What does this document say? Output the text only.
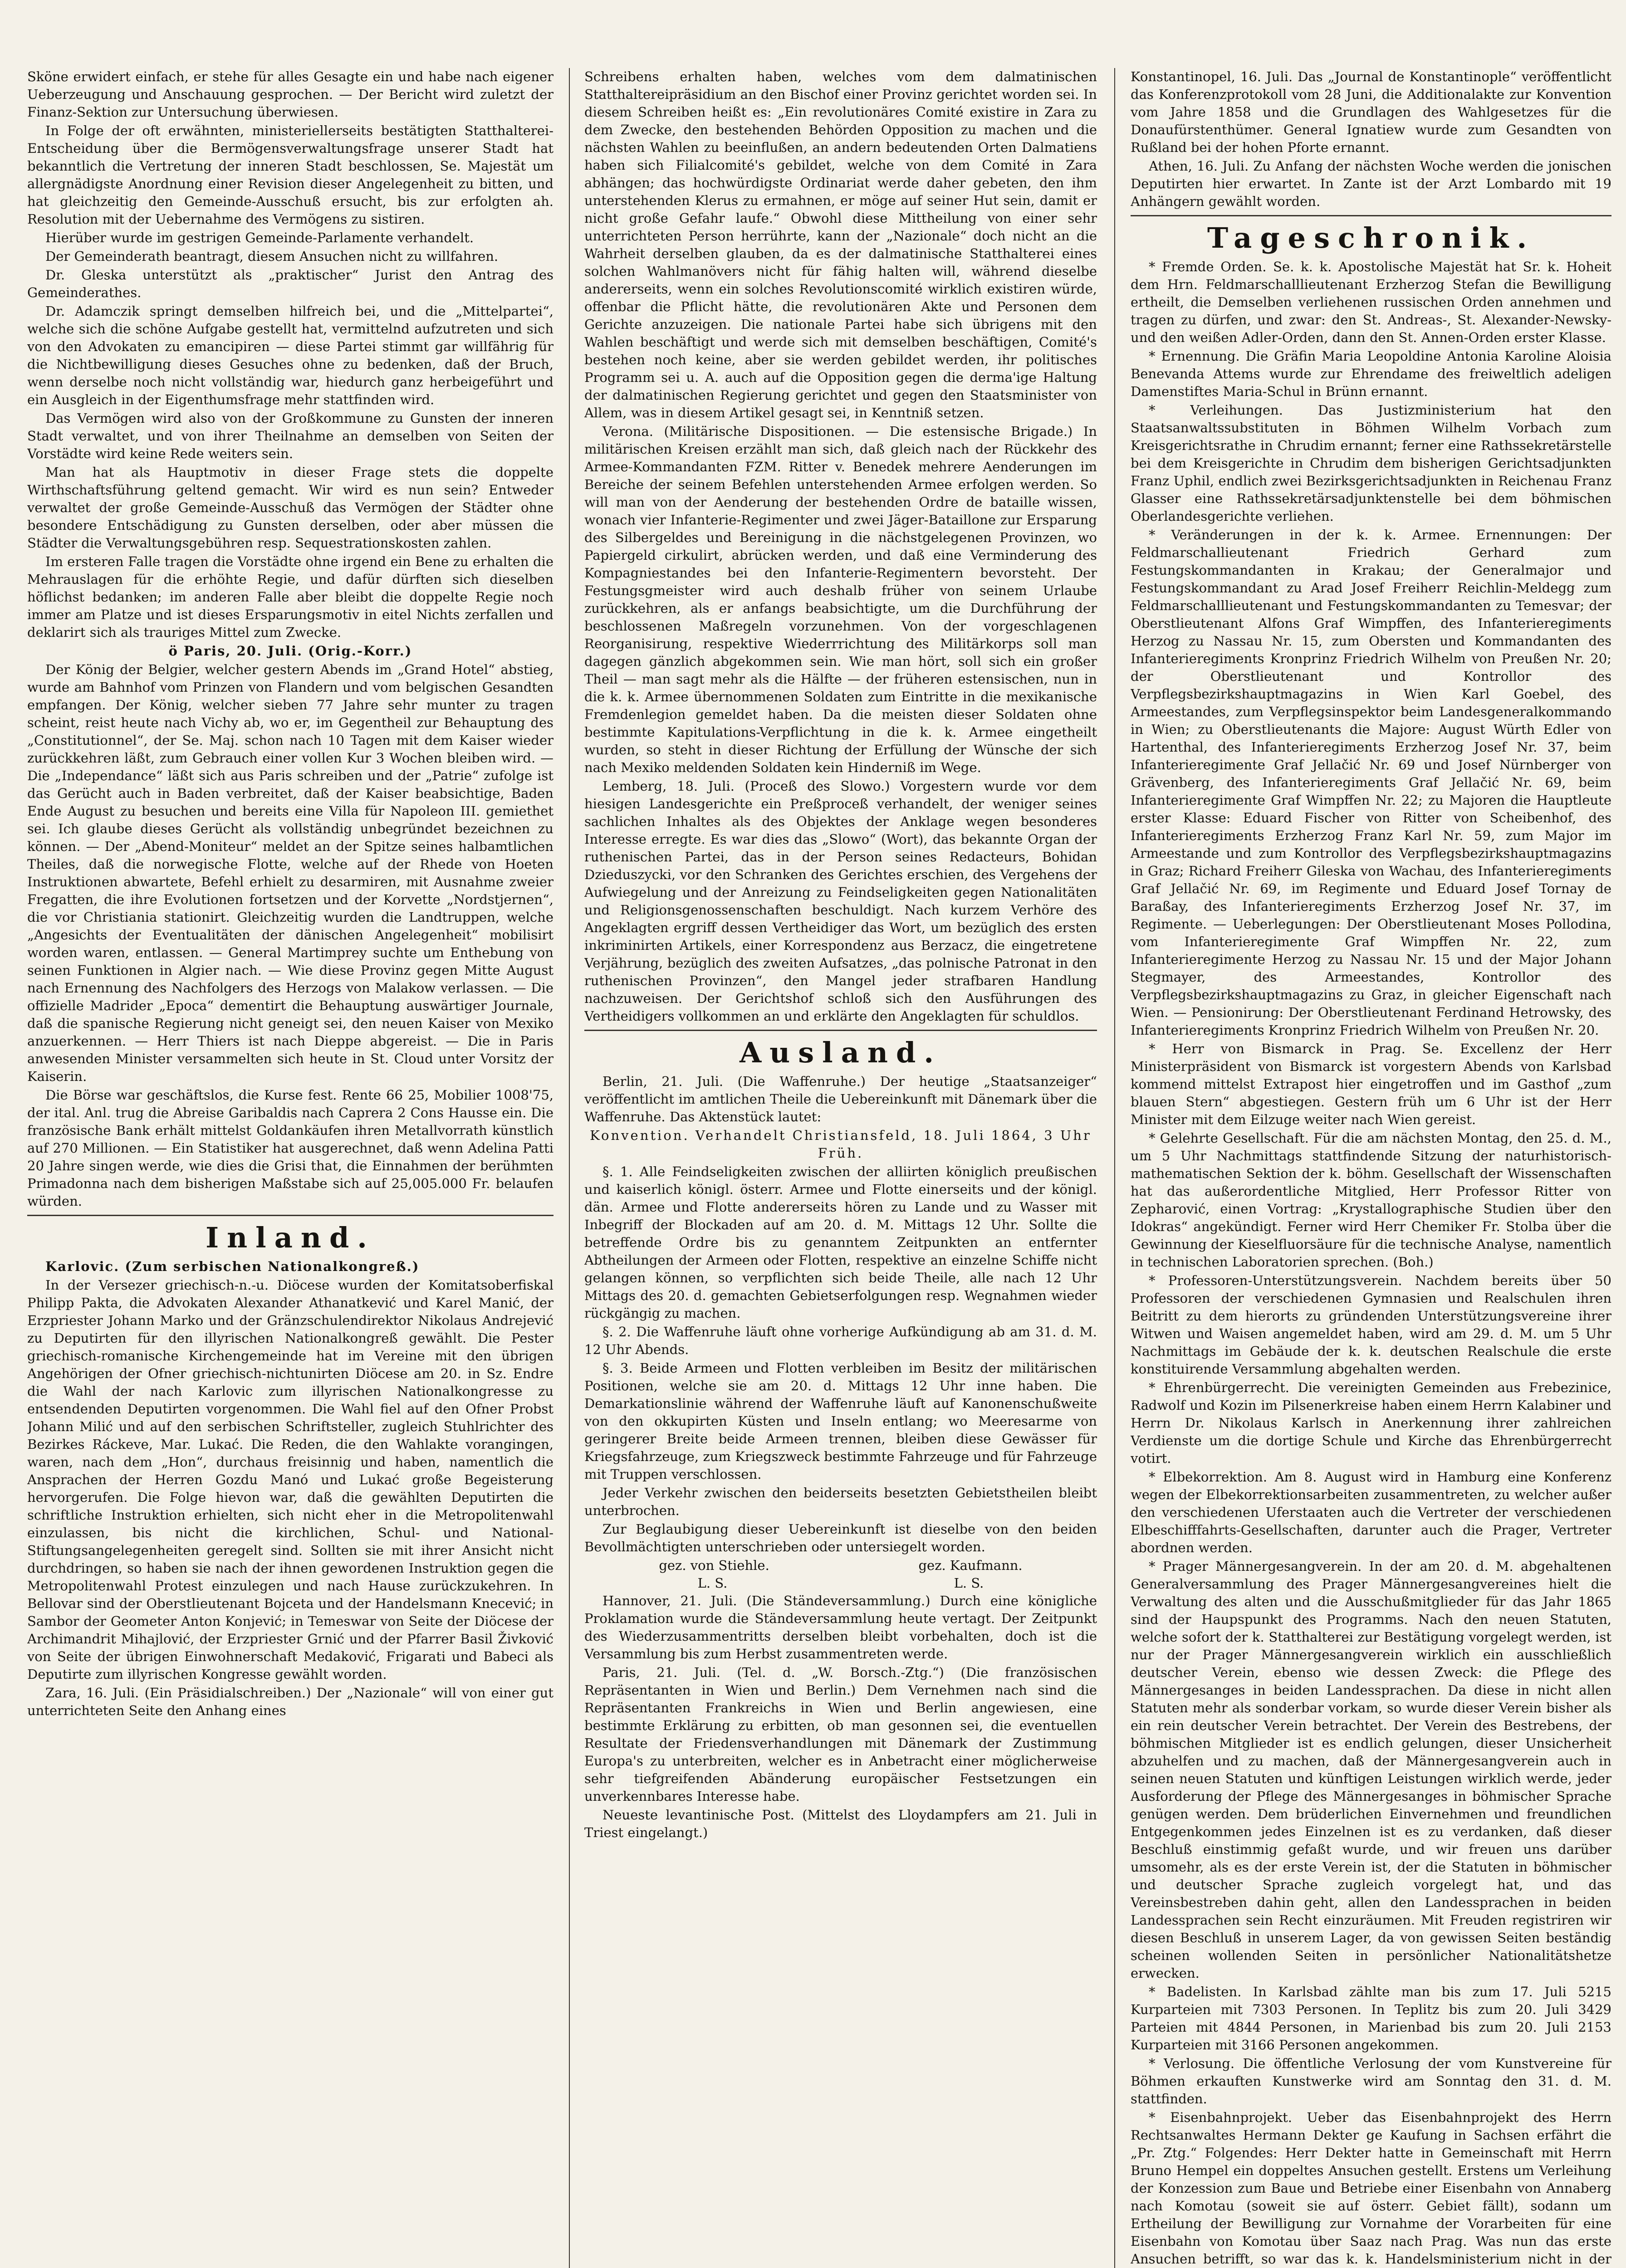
Sköne erwidert einfach, er stehe für alles Gesagte ein und habe nach eigener Ueberzeugung und Anschauung gesprochen. — Der Bericht wird zuletzt der Finanz-Sektion zur Untersuchung überwiesen.

In Folge der oft erwähnten, ministeriellerseits bestätigten Statthalterei-Entscheidung über die Bermögensverwaltungsfrage unserer Stadt hat bekanntlich die Vertretung der inneren Stadt beschlossen, Se. Majestät um allergnädigste Anordnung einer Revision dieser Angelegenheit zu bitten, und hat gleichzeitig den Gemeinde-Ausschuß ersucht, bis zur erfolgten ah. Resolution mit der Uebernahme des Vermögens zu sistiren.

Hierüber wurde im gestrigen Gemeinde-Parlamente verhandelt.

Der Gemeinderath beantragt, diesem Ansuchen nicht zu willfahren.

Dr. Gleska unterstützt als „praktischer“ Jurist den Antrag des Gemeinderathes.

Dr. Adamczik springt demselben hilfreich bei, und die „Mittelpartei“, welche sich die schöne Aufgabe gestellt hat, vermittelnd aufzutreten und sich von den Advokaten zu emancipiren — diese Partei stimmt gar willfährig für die Nichtbewilligung dieses Gesuches ohne zu bedenken, daß der Bruch, wenn derselbe noch nicht vollständig war, hiedurch ganz herbeigeführt und ein Ausgleich in der Eigenthumsfrage mehr stattfinden wird.

Das Vermögen wird also von der Großkommune zu Gunsten der inneren Stadt verwaltet, und von ihrer Theilnahme an demselben von Seiten der Vorstädte wird keine Rede weiters sein.

Man hat als Hauptmotiv in dieser Frage stets die doppelte Wirthschaftsführung geltend gemacht. Wir wird es nun sein? Entweder verwaltet der große Gemeinde-Ausschuß das Vermögen der Städter ohne besondere Entschädigung zu Gunsten derselben, oder aber müssen die Städter die Verwaltungsgebühren resp. Sequestrationskosten zahlen.

Im ersteren Falle tragen die Vorstädte ohne irgend ein Bene zu erhalten die Mehrauslagen für die erhöhte Regie, und dafür dürften sich dieselben höflichst bedanken; im anderen Falle aber bleibt die doppelte Regie noch immer am Platze und ist dieses Ersparungsmotiv in eitel Nichts zerfallen und deklarirt sich als trauriges Mittel zum Zwecke.

ö Paris, 20. Juli. (Orig.-Korr.)

Der König der Belgier, welcher gestern Abends im „Grand Hotel“ abstieg, wurde am Bahnhof vom Prinzen von Flandern und vom belgischen Gesandten empfangen. Der König, welcher sieben 77 Jahre sehr munter zu tragen scheint, reist heute nach Vichy ab, wo er, im Gegentheil zur Behauptung des „Constitutionnel“, der Se. Maj. schon nach 10 Tagen mit dem Kaiser wieder zurückkehren läßt, zum Gebrauch einer vollen Kur 3 Wochen bleiben wird. — Die „Independance“ läßt sich aus Paris schreiben und der „Patrie“ zufolge ist das Gerücht auch in Baden verbreitet, daß der Kaiser beabsichtige, Baden Ende August zu besuchen und bereits eine Villa für Napoleon III. gemiethet sei. Ich glaube dieses Gerücht als vollständig unbegründet bezeichnen zu können. — Der „Abend-Moniteur“ meldet an der Spitze seines halbamtlichen Theiles, daß die norwegische Flotte, welche auf der Rhede von Hoeten Instruktionen abwartete, Befehl erhielt zu desarmiren, mit Ausnahme zweier Fregatten, die ihre Evolutionen fortsetzen und der Korvette „Nordstjernen“, die vor Christiania stationirt. Gleichzeitig wurden die Landtruppen, welche „Angesichts der Eventualitäten der dänischen Angelegenheit“ mobilisirt worden waren, entlassen. — General Martimprey suchte um Enthebung von seinen Funktionen in Algier nach. — Wie diese Provinz gegen Mitte August nach Ernennung des Nachfolgers des Herzogs von Malakow verlassen. — Die offizielle Madrider „Epoca“ dementirt die Behauptung auswärtiger Journale, daß die spanische Regierung nicht geneigt sei, den neuen Kaiser von Mexiko anzuerkennen. — Herr Thiers ist nach Dieppe abgereist. — Die in Paris anwesenden Minister versammelten sich heute in St. Cloud unter Vorsitz der Kaiserin.

Die Börse war geschäftslos, die Kurse fest. Rente 66 25, Mobilier 1008'75, der ital. Anl. trug die Abreise Garibaldis nach Caprera 2 Cons Hausse ein. Die französische Bank erhält mittelst Goldankäufen ihren Metallvorrath künstlich auf 270 Millionen. — Ein Statistiker hat ausgerechnet, daß wenn Adelina Patti 20 Jahre singen werde, wie dies die Grisi that, die Einnahmen der berühmten Primadonna nach dem bisherigen Maßstabe sich auf 25,005.000 Fr. belaufen würden.

Inland.

Karlovic. (Zum serbischen Nationalkongreß.)

In der Versezer griechisch-n.-u. Diöcese wurden der Komitatsoberfiskal Philipp Pakta, die Advokaten Alexander Athanatkević und Karel Manić, der Erzpriester Johann Marko und der Gränzschulendirektor Nikolaus Andrejević zu Deputirten für den illyrischen Nationalkongreß gewählt. Die Pester griechisch-romanische Kirchengemeinde hat im Vereine mit den übrigen Angehörigen der Ofner griechisch-nichtunirten Diöcese am 20. in Sz. Endre die Wahl der nach Karlovic zum illyrischen Nationalkongresse zu entsendenden Deputirten vorgenommen. Die Wahl fiel auf den Ofner Probst Johann Milić und auf den serbischen Schriftsteller, zugleich Stuhlrichter des Bezirkes Ráckeve, Mar. Lukać. Die Reden, die den Wahlakte vorangingen, waren, nach dem „Hon“, durchaus freisinnig und haben, namentlich die Ansprachen der Herren Gozdu Manó und Lukać große Begeisterung hervorgerufen. Die Folge hievon war, daß die gewählten Deputirten die schriftliche Instruktion erhielten, sich nicht eher in die Metropolitenwahl einzulassen, bis nicht die kirchlichen, Schul- und National-Stiftungsangelegenheiten geregelt sind. Sollten sie mit ihrer Ansicht nicht durchdringen, so haben sie nach der ihnen gewordenen Instruktion gegen die Metropolitenwahl Protest einzulegen und nach Hause zurückzukehren. In Bellovar sind der Oberstlieutenant Bojceta und der Handelsmann Knecević; in Sambor der Geometer Anton Konjević; in Temeswar von Seite der Diöcese der Archimandrit Mihajlović, der Erzpriester Grnić und der Pfarrer Basil Živković von Seite der übrigen Einwohnerschaft Medaković, Frigarati und Babeci als Deputirte zum illyrischen Kongresse gewählt worden.

Zara, 16. Juli. (Ein Präsidialschreiben.) Der „Nazionale“ will von einer gut unterrichteten Seite den Anhang eines

Schreibens erhalten haben, welches vom dem dalmatinischen Statthaltereipräsidium an den Bischof einer Provinz gerichtet worden sei. In diesem Schreiben heißt es: „Ein revolutionäres Comité existire in Zara zu dem Zwecke, den bestehenden Behörden Opposition zu machen und die nächsten Wahlen zu beeinflußen, an andern bedeutenden Orten Dalmatiens haben sich Filialcomité's gebildet, welche von dem Comité in Zara abhängen; das hochwürdigste Ordinariat werde daher gebeten, den ihm unterstehenden Klerus zu ermahnen, er möge auf seiner Hut sein, damit er nicht große Gefahr laufe.“ Obwohl diese Mittheilung von einer sehr unterrichteten Person herrührte, kann der „Nazionale“ doch nicht an die Wahrheit derselben glauben, da es der dalmatinische Statthalterei eines solchen Wahlmanövers nicht für fähig halten will, während dieselbe andererseits, wenn ein solches Revolutionscomité wirklich existiren würde, offenbar die Pflicht hätte, die revolutionären Akte und Personen dem Gerichte anzuzeigen. Die nationale Partei habe sich übrigens mit den Wahlen beschäftigt und werde sich mit demselben beschäftigen, Comité's bestehen noch keine, aber sie werden gebildet werden, ihr politisches Programm sei u. A. auch auf die Opposition gegen die derma'ige Haltung der dalmatinischen Regierung gerichtet und gegen den Staatsminister von Allem, was in diesem Artikel gesagt sei, in Kenntniß setzen.

Verona. (Militärische Dispositionen. — Die estensische Brigade.) In militärischen Kreisen erzählt man sich, daß gleich nach der Rückkehr des Armee-Kommandanten FZM. Ritter v. Benedek mehrere Aenderungen im Bereiche der seinem Befehlen unterstehenden Armee erfolgen werden. So will man von der Aenderung der bestehenden Ordre de bataille wissen, wonach vier Infanterie-Regimenter und zwei Jäger-Bataillone zur Ersparung des Silbergeldes und Bereinigung in die nächstgelegenen Provinzen, wo Papiergeld cirkulirt, abrücken werden, und daß eine Verminderung des Kompagniestandes bei den Infanterie-Regimentern bevorsteht. Der Festungsgmeister wird auch deshalb früher von seinem Urlaube zurückkehren, als er anfangs beabsichtigte, um die Durchführung der beschlossenen Maßregeln vorzunehmen. Von der vorgeschlagenen Reorganisirung, respektive Wiederrrichtung des Militärkorps soll man dagegen gänzlich abgekommen sein. Wie man hört, soll sich ein großer Theil — man sagt mehr als die Hälfte — der früheren estensischen, nun in die k. k. Armee übernommenen Soldaten zum Eintritte in die mexikanische Fremdenlegion gemeldet haben. Da die meisten dieser Soldaten ohne bestimmte Kapitulations-Verpflichtung in die k. k. Armee eingetheilt wurden, so steht in dieser Richtung der Erfüllung der Wünsche der sich nach Mexiko meldenden Soldaten kein Hinderniß im Wege.

Lemberg, 18. Juli. (Proceß des Slowo.) Vorgestern wurde vor dem hiesigen Landesgerichte ein Preßproceß verhandelt, der weniger seines sachlichen Inhaltes als des Objektes der Anklage wegen besonderes Interesse erregte. Es war dies das „Slowo“ (Wort), das bekannte Organ der ruthenischen Partei, das in der Person seines Redacteurs, Bohidan Dzieduszycki, vor den Schranken des Gerichtes erschien, des Vergehens der Aufwiegelung und der Anreizung zu Feindseligkeiten gegen Nationalitäten und Religionsgenossenschaften beschuldigt. Nach kurzem Verhöre des Angeklagten ergriff dessen Vertheidiger das Wort, um bezüglich des ersten inkriminirten Artikels, einer Korrespondenz aus Berzacz, die eingetretene Verjährung, bezüglich des zweiten Aufsatzes, „das polnische Patronat in den ruthenischen Provinzen“, den Mangel jeder strafbaren Handlung nachzuweisen. Der Gerichtshof schloß sich den Ausführungen des Vertheidigers vollkommen an und erklärte den Angeklagten für schuldlos.

Ausland.

Berlin, 21. Juli. (Die Waffenruhe.) Der heutige „Staatsanzeiger“ veröffentlicht im amtlichen Theile die Uebereinkunft mit Dänemark über die Waffenruhe. Das Aktenstück lautet:

Konvention. Verhandelt Christiansfeld, 18. Juli 1864, 3 Uhr Früh.

§. 1. Alle Feindseligkeiten zwischen der alliirten königlich preußischen und kaiserlich königl. österr. Armee und Flotte einerseits und der königl. dän. Armee und Flotte andererseits hören zu Lande und zu Wasser mit Inbegriff der Blockaden auf am 20. d. M. Mittags 12 Uhr. Sollte die betreffende Ordre bis zu genanntem Zeitpunkten an entfernter Abtheilungen der Armeen oder Flotten, respektive an einzelne Schiffe nicht gelangen können, so verpflichten sich beide Theile, alle nach 12 Uhr Mittags des 20. d. gemachten Gebietserfolgungen resp. Wegnahmen wieder rückgängig zu machen.

§. 2. Die Waffenruhe läuft ohne vorherige Aufkündigung ab am 31. d. M. 12 Uhr Abends.

§. 3. Beide Armeen und Flotten verbleiben im Besitz der militärischen Positionen, welche sie am 20. d. Mittags 12 Uhr inne haben. Die Demarkationslinie während der Waffenruhe läuft auf Kanonenschußweite von den okkupirten Küsten und Inseln entlang; wo Meeresarme von geringerer Breite beide Armeen trennen, bleiben diese Gewässer für Kriegsfahrzeuge, zum Kriegszweck bestimmte Fahrzeuge und für Fahrzeuge mit Truppen verschlossen.

Jeder Verkehr zwischen den beiderseits besetzten Gebietstheilen bleibt unterbrochen.

Zur Beglaubigung dieser Uebereinkunft ist dieselbe von den beiden Bevollmächtigten unterschrieben oder untersiegelt worden.

gez. von Stiehle.	gez. Kaufmann.
L. S.	L. S.

Hannover, 21. Juli. (Die Ständeversammlung.) Durch eine königliche Proklamation wurde die Ständeversammlung heute vertagt. Der Zeitpunkt des Wiederzusammentritts derselben bleibt vorbehalten, doch ist die Versammlung bis zum Herbst zusammentreten werde.

Paris, 21. Juli. (Tel. d. „W. Borsch.-Ztg.“) (Die französischen Repräsentanten in Wien und Berlin.) Dem Vernehmen nach sind die Repräsentanten Frankreichs in Wien und Berlin angewiesen, eine bestimmte Erklärung zu erbitten, ob man gesonnen sei, die eventuellen Resultate der Friedensverhandlungen mit Dänemark der Zustimmung Europa's zu unterbreiten, welcher es in Anbetracht einer möglicherweise sehr tiefgreifenden Abänderung europäischer Festsetzungen ein unverkennbares Interesse habe.

Neueste levantinische Post. (Mittelst des Lloydampfers am 21. Juli in Triest eingelangt.)

Konstantinopel, 16. Juli. Das „Journal de Konstantinople“ veröffentlicht das Konferenzprotokoll vom 28 Juni, die Additionalakte zur Konvention vom Jahre 1858 und die Grundlagen des Wahlgesetzes für die Donaufürstenthümer. General Ignatiew wurde zum Gesandten von Rußland bei der hohen Pforte ernannt.

Athen, 16. Juli. Zu Anfang der nächsten Woche werden die jonischen Deputirten hier erwartet. In Zante ist der Arzt Lombardo mit 19 Anhängern gewählt worden.

Tageschronik.

* Fremde Orden. Se. k. k. Apostolische Majestät hat Sr. k. Hoheit dem Hrn. Feldmarschalllieutenant Erzherzog Stefan die Bewilligung ertheilt, die Demselben verliehenen russischen Orden annehmen und tragen zu dürfen, und zwar: den St. Andreas-, St. Alexander-Newsky- und den weißen Adler-Orden, dann den St. Annen-Orden erster Klasse.

* Ernennung. Die Gräfin Maria Leopoldine Antonia Karoline Aloisia Benevanda Attems wurde zur Ehrendame des freiweltlich adeligen Damenstiftes Maria-Schul in Brünn ernannt.

* Verleihungen. Das Justizministerium hat den Staatsanwaltssubstituten in Böhmen Wilhelm Vorbach zum Kreisgerichtsrathe in Chrudim ernannt; ferner eine Rathssekretärstelle bei dem Kreisgerichte in Chrudim dem bisherigen Gerichtsadjunkten Franz Uphil, endlich zwei Bezirksgerichtsadjunkten in Reichenau Franz Glasser eine Rathssekretärsadjunktenstelle bei dem böhmischen Oberlandesgerichte verliehen.

* Veränderungen in der k. k. Armee. Ernennungen: Der Feldmarschallieutenant Friedrich Gerhard zum Festungskommandanten in Krakau; der Generalmajor und Festungskommandant zu Arad Josef Freiherr Reichlin-Meldegg zum Feldmarschalllieutenant und Festungskommandanten zu Temesvar; der Oberstlieutenant Alfons Graf Wimpffen, des Infanterieregiments Herzog zu Nassau Nr. 15, zum Obersten und Kommandanten des Infanterieregiments Kronprinz Friedrich Wilhelm von Preußen Nr. 20; der Oberstlieutenant und Kontrollor des Verpflegsbezirkshauptmagazins in Wien Karl Goebel, des Armeestandes, zum Verpflegsinspektor beim Landesgeneralkommando in Wien; zu Oberstlieutenants die Majore: August Würth Edler von Hartenthal, des Infanterieregiments Erzherzog Josef Nr. 37, beim Infanterieregimente Graf Jellačić Nr. 69 und Josef Nürnberger von Grävenberg, des Infanterieregiments Graf Jellačić Nr. 69, beim Infanterieregimente Graf Wimpffen Nr. 22; zu Majoren die Hauptleute erster Klasse: Eduard Fischer von Ritter von Scheibenhof, des Infanterieregiments Erzherzog Franz Karl Nr. 59, zum Major im Armeestande und zum Kontrollor des Verpflegsbezirkshauptmagazins in Graz; Richard Freiherr Gileska von Wachau, des Infanterieregiments Graf Jellačić Nr. 69, im Regimente und Eduard Josef Tornay de Baraßay, des Infanterieregiments Erzherzog Josef Nr. 37, im Regimente. — Ueberlegungen: Der Oberstlieutenant Moses Pollodina, vom Infanterieregimente Graf Wimpffen Nr. 22, zum Infanterieregimente Herzog zu Nassau Nr. 15 und der Major Johann Stegmayer, des Armeestandes, Kontrollor des Verpflegsbezirkshauptmagazins zu Graz, in gleicher Eigenschaft nach Wien. — Pensionirung: Der Oberstlieutenant Ferdinand Hetrowsky, des Infanterieregiments Kronprinz Friedrich Wilhelm von Preußen Nr. 20.

* Herr von Bismarck in Prag. Se. Excellenz der Herr Ministerpräsident von Bismarck ist vorgestern Abends von Karlsbad kommend mittelst Extrapost hier eingetroffen und im Gasthof „zum blauen Stern“ abgestiegen. Gestern früh um 6 Uhr ist der Herr Minister mit dem Eilzuge weiter nach Wien gereist.

* Gelehrte Gesellschaft. Für die am nächsten Montag, den 25. d. M., um 5 Uhr Nachmittags stattfindende Sitzung der naturhistorisch-mathematischen Sektion der k. böhm. Gesellschaft der Wissenschaften hat das außerordentliche Mitglied, Herr Professor Ritter von Zepharović, einen Vortrag: „Krystallographische Studien über den Idokras“ angekündigt. Ferner wird Herr Chemiker Fr. Stolba über die Gewinnung der Kieselfluorsäure für die technische Analyse, namentlich in technischen Laboratorien sprechen. (Boh.)

* Professoren-Unterstützungsverein. Nachdem bereits über 50 Professoren der verschiedenen Gymnasien und Realschulen ihren Beitritt zu dem hierorts zu gründenden Unterstützungsvereine ihrer Witwen und Waisen angemeldet haben, wird am 29. d. M. um 5 Uhr Nachmittags im Gebäude der k. k. deutschen Realschule die erste konstituirende Versammlung abgehalten werden.

* Ehrenbürgerrecht. Die vereinigten Gemeinden aus Frebezinice, Radwolf und Kozin im Pilsenerkreise haben einem Herrn Kalabiner und Herrn Dr. Nikolaus Karlsch in Anerkennung ihrer zahlreichen Verdienste um die dortige Schule und Kirche das Ehrenbürgerrecht votirt.

* Elbekorrektion. Am 8. August wird in Hamburg eine Konferenz wegen der Elbekorrektionsarbeiten zusammentreten, zu welcher außer den verschiedenen Uferstaaten auch die Vertreter der verschiedenen Elbeschifffahrts-Gesellschaften, darunter auch die Prager, Vertreter abordnen werden.

* Prager Männergesangverein. In der am 20. d. M. abgehaltenen Generalversammlung des Prager Männergesangvereines hielt die Verwaltung des alten und die Ausschußmitglieder für das Jahr 1865 sind der Haupspunkt des Programms. Nach den neuen Statuten, welche sofort der k. Statthalterei zur Bestätigung vorgelegt werden, ist nur der Prager Männergesangverein wirklich ein ausschließlich deutscher Verein, ebenso wie dessen Zweck: die Pflege des Männergesanges in beiden Landessprachen. Da diese in nicht allen Statuten mehr als sonderbar vorkam, so wurde dieser Verein bisher als ein rein deutscher Verein betrachtet. Der Verein des Bestrebens, der böhmischen Mitglieder ist es endlich gelungen, dieser Unsicherheit abzuhelfen und zu machen, daß der Männergesangverein auch in seinen neuen Statuten und künftigen Leistungen wirklich werde, jeder Ausforderung der Pflege des Männergesanges in böhmischer Sprache genügen werden. Dem brüderlichen Einvernehmen und freundlichen Entgegenkommen jedes Einzelnen ist es zu verdanken, daß dieser Beschluß einstimmig gefaßt wurde, und wir freuen uns darüber umsomehr, als es der erste Verein ist, der die Statuten in böhmischer und deutscher Sprache zugleich vorgelegt hat, und das Vereinsbestreben dahin geht, allen den Landessprachen in beiden Landessprachen sein Recht einzuräumen. Mit Freuden registriren wir diesen Beschluß in unserem Lager, da von gewissen Seiten beständig scheinen wollenden Seiten in persönlicher Nationalitätshetze erwecken.

* Badelisten. In Karlsbad zählte man bis zum 17. Juli 5215 Kurparteien mit 7303 Personen. In Teplitz bis zum 20. Juli 3429 Parteien mit 4844 Personen, in Marienbad bis zum 20. Juli 2153 Kurparteien mit 3166 Personen angekommen.

* Verlosung. Die öffentliche Verlosung der vom Kunstvereine für Böhmen erkauften Kunstwerke wird am Sonntag den 31. d. M. stattfinden.

* Eisenbahnprojekt. Ueber das Eisenbahnprojekt des Herrn Rechtsanwaltes Hermann Dekter ge Kaufung in Sachsen erfährt die „Pr. Ztg.“ Folgendes: Herr Dekter hatte in Gemeinschaft mit Herrn Bruno Hempel ein doppeltes Ansuchen gestellt. Erstens um Verleihung der Konzession zum Baue und Betriebe einer Eisenbahn von Annaberg nach Komotau (soweit sie auf österr. Gebiet fällt), sodann um Ertheilung der Bewilligung zur Vornahme der Vorarbeiten für eine Eisenbahn von Komotau über Saaz nach Prag. Was nun das erste Ansuchen betrifft, so war das k. k. Handelsministerium nicht in der
